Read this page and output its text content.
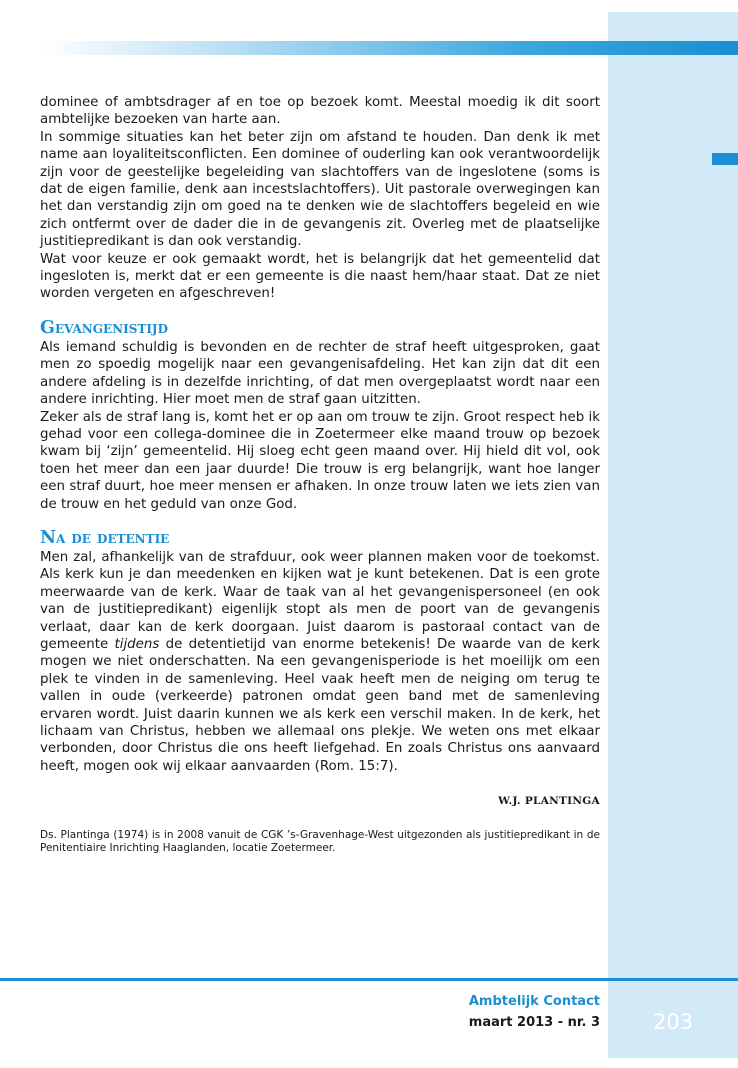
dominee of ambtsdrager af en toe op bezoek komt. Meestal moedig ik dit soort ambtelijke bezoeken van harte aan.

In sommige situaties kan het beter zijn om afstand te houden. Dan denk ik met name aan loyaliteitsconflicten. Een dominee of ouderling kan ook verantwoordelijk zijn voor de geestelijke begeleiding van slachtoffers van de ingeslotene (soms is dat de eigen familie, denk aan incestslachtoffers). Uit pastorale overwegingen kan het dan verstandig zijn om goed na te denken wie de slachtoffers begeleid en wie zich ontfermt over de dader die in de gevangenis zit. Overleg met de plaatselijke justitiepredikant is dan ook verstandig.

Wat voor keuze er ook gemaakt wordt, het is belangrijk dat het gemeentelid dat ingesloten is, merkt dat er een gemeente is die naast hem/haar staat. Dat ze niet worden vergeten en afgeschreven!

Gevangenistijd

Als iemand schuldig is bevonden en de rechter de straf heeft uitgesproken, gaat men zo spoedig mogelijk naar een gevangenisafdeling. Het kan zijn dat dit een andere afdeling is in dezelfde inrichting, of dat men overgeplaatst wordt naar een andere inrichting. Hier moet men de straf gaan uitzitten.

Zeker als de straf lang is, komt het er op aan om trouw te zijn. Groot respect heb ik gehad voor een collega-dominee die in Zoetermeer elke maand trouw op bezoek kwam bij ‘zijn’ gemeentelid. Hij sloeg echt geen maand over. Hij hield dit vol, ook toen het meer dan een jaar duurde! Die trouw is erg belangrijk, want hoe langer een straf duurt, hoe meer mensen er afhaken. In onze trouw laten we iets zien van de trouw en het geduld van onze God.

Na de detentie

Men zal, afhankelijk van de strafduur, ook weer plannen maken voor de toekomst. Als kerk kun je dan meedenken en kijken wat je kunt betekenen. Dat is een grote meerwaarde van de kerk. Waar de taak van al het gevangenispersoneel (en ook van de justitiepredikant) eigenlijk stopt als men de poort van de gevangenis verlaat, daar kan de kerk doorgaan. Juist daarom is pastoraal contact van de gemeente tijdens de detentietijd van enorme betekenis! De waarde van de kerk mogen we niet onderschatten. Na een gevangenisperiode is het moeilijk om een plek te vinden in de samenleving. Heel vaak heeft men de neiging om terug te vallen in oude (verkeerde) patronen omdat geen band met de samenleving ervaren wordt. Juist daarin kunnen we als kerk een verschil maken. In de kerk, het lichaam van Christus, hebben we allemaal ons plekje. We weten ons met elkaar verbonden, door Christus die ons heeft liefgehad. En zoals Christus ons aanvaard heeft, mogen ook wij elkaar aanvaarden (Rom. 15:7).

W.J. PLANTINGA
Ds. Plantinga (1974) is in 2008 vanuit de CGK ’s-Gravenhage-West uitgezonden als justitiepredikant in de Penitentiaire Inrichting Haaglanden, locatie Zoetermeer.
Ambtelijk Contact
maart 2013 - nr. 3	203
